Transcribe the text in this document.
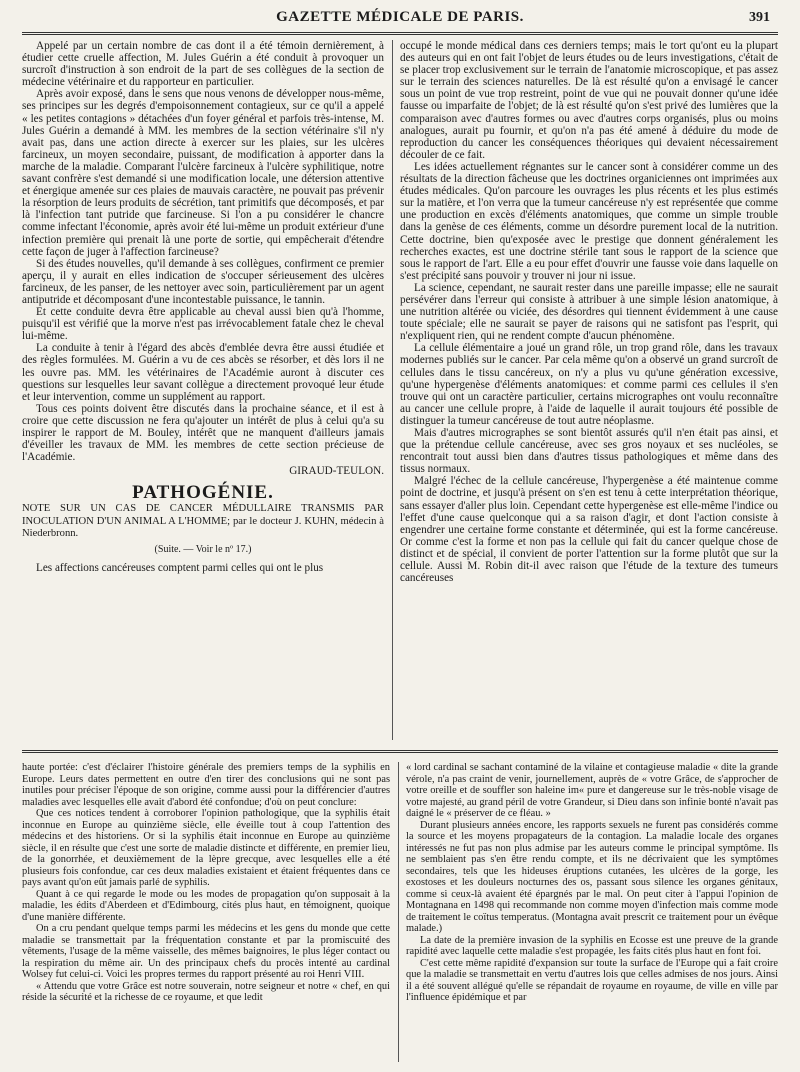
GAZETTE MÉDICALE DE PARIS.	391

Appelé par un certain nombre de cas dont il a été témoin dernièrement, à étudier cette cruelle affection, M. Jules Guérin a été conduit à provoquer un surcroît d'instruction à son endroit de la part de ses collègues de la section de médecine vétérinaire et du rapporteur en particulier.

Après avoir exposé, dans le sens que nous venons de développer nous-même, ses principes sur les degrés d'empoisonnement contagieux, sur ce qu'il a appelé « les petites contagions » détachées d'un foyer général et parfois très-intense, M. Jules Guérin a demandé à MM. les membres de la section vétérinaire s'il n'y avait pas, dans une action directe à exercer sur les plaies, sur les ulcères farcineux, un moyen secondaire, puissant, de modification à apporter dans la marche de la maladie. Comparant l'ulcère farcineux à l'ulcère syphilitique, notre savant confrère s'est demandé si une modification locale, une détersion attentive et énergique amenée sur ces plaies de mauvais caractère, ne pouvait pas prévenir la résorption de leurs produits de sécrétion, tant primitifs que décomposés, et par là l'infection tant putride que farcineuse. Si l'on a pu considérer le chancre comme infectant l'économie, après avoir été lui-même un produit extérieur d'une infection première qui prenait là une porte de sortie, qui empêcherait d'étendre cette façon de juger à l'affection farcineuse?

Si des études nouvelles, qu'il demande à ses collègues, confirment ce premier aperçu, il y aurait en elles indication de s'occuper sérieusement des ulcères farcineux, de les panser, de les nettoyer avec soin, particulièrement par un agent antiputride et décomposant d'une incontestable puissance, le tannin.

Et cette conduite devra être applicable au cheval aussi bien qu'à l'homme, puisqu'il est vérifié que la morve n'est pas irrévocablement fatale chez le cheval lui-même.

La conduite à tenir à l'égard des abcès d'emblée devra être aussi étudiée et des règles formulées. M. Guérin a vu de ces abcès se résorber, et dès lors il ne les ouvre pas. MM. les vétérinaires de l'Académie auront à discuter ces questions sur lesquelles leur savant collègue a directement provoqué leur étude et leur intervention, comme un supplément au rapport.

Tous ces points doivent être discutés dans la prochaine séance, et il est à croire que cette discussion ne fera qu'ajouter un intérêt de plus à celui qu'a su inspirer le rapport de M. Bouley, intérêt que ne manquent d'ailleurs jamais d'éveiller les travaux de MM. les membres de cette section précieuse de l'Académie.

GIRAUD-TEULON.
PATHOGÉNIE.

NOTE SUR UN CAS DE CANCER MÉDULLAIRE TRANSMIS PAR INOCULATION D'UN ANIMAL A L'HOMME; par le docteur J. KUHN, médecin à Niederbronn.

(Suite. — Voir le nº 17.)

Les affections cancéreuses comptent parmi celles qui ont le plus

occupé le monde médical dans ces derniers temps; mais le tort qu'ont eu la plupart des auteurs qui en ont fait l'objet de leurs études ou de leurs investigations, c'était de se placer trop exclusivement sur le terrain de l'anatomie microscopique, et pas assez sur le terrain des sciences naturelles. De là est résulté qu'on a envisagé le cancer sous un point de vue trop restreint, point de vue qui ne pouvait donner qu'une idée fausse ou imparfaite de l'objet; de là est résulté qu'on s'est privé des lumières que la comparaison avec d'autres formes ou avec d'autres corps organisés, plus ou moins analogues, aurait pu fournir, et qu'on n'a pas été amené à déduire du mode de reproduction du cancer les conséquences théoriques qui devaient nécessairement découler de ce fait.

Les idées actuellement régnantes sur le cancer sont à considérer comme un des résultats de la direction fâcheuse que les doctrines organiciennes ont imprimées aux études médicales. Qu'on parcoure les ouvrages les plus récents et les plus estimés sur la matière, et l'on verra que la tumeur cancéreuse n'y est représentée que comme une production en excès d'éléments anatomiques, que comme un simple trouble dans la genèse de ces éléments, comme un désordre purement local de la nutrition. Cette doctrine, bien qu'exposée avec le prestige que donnent généralement les recherches exactes, est une doctrine stérile tant sous le rapport de la science que sous le rapport de l'art. Elle a eu pour effet d'ouvrir une fausse voie dans laquelle on s'est précipité sans pouvoir y trouver ni jour ni issue.

La science, cependant, ne saurait rester dans une pareille impasse; elle ne saurait persévérer dans l'erreur qui consiste à attribuer à une simple lésion anatomique, à une nutrition altérée ou viciée, des désordres qui tiennent évidemment à une cause toute spéciale; elle ne saurait se payer de raisons qui ne satisfont pas l'esprit, qui n'expliquent rien, qui ne rendent compte d'aucun phénomène.

La cellule élémentaire a joué un grand rôle, un trop grand rôle, dans les travaux modernes publiés sur le cancer. Par cela même qu'on a observé un grand surcroît de cellules dans le tissu cancéreux, on n'y a plus vu qu'une génération excessive, qu'une hypergenèse d'éléments anatomiques: et comme parmi ces cellules il s'en trouve qui ont un caractère particulier, certains micrographes ont voulu reconnaître au cancer une cellule propre, à l'aide de laquelle il aurait toujours été possible de distinguer la tumeur cancéreuse de tout autre néoplasme.

Mais d'autres micrographes se sont bientôt assurés qu'il n'en était pas ainsi, et que la prétendue cellule cancéreuse, avec ses gros noyaux et ses nucléoles, se rencontrait tout aussi bien dans d'autres tissus pathologiques et même dans des tissus normaux.

Malgré l'échec de la cellule cancéreuse, l'hypergenèse a été maintenue comme point de doctrine, et jusqu'à présent on s'en est tenu à cette interprétation théorique, sans essayer d'aller plus loin. Cependant cette hypergenèse est elle-même l'indice ou l'effet d'une cause quelconque qui a sa raison d'agir, et dont l'action consiste à engendrer une certaine forme constante et déterminée, qui est la forme cancéreuse. Or comme c'est la forme et non pas la cellule qui fait du cancer quelque chose de distinct et de spécial, il convient de porter l'attention sur la forme plutôt que sur la cellule. Aussi M. Robin dit-il avec raison que l'étude de la texture des tumeurs cancéreuses

haute portée: c'est d'éclairer l'histoire générale des premiers temps de la syphilis en Europe. Leurs dates permettent en outre d'en tirer des conclusions qui ne sont pas inutiles pour préciser l'époque de son origine, comme aussi pour la différencier d'autres maladies avec lesquelles elle avait d'abord été confondue; d'où on peut conclure:

Que ces notices tendent à corroborer l'opinion pathologique, que la syphilis était inconnue en Europe au quinzième siècle, elle éveille tout à coup l'attention des médecins et des historiens. Or si la syphilis était inconnue en Europe au quinzième siècle, il en résulte que c'est une sorte de maladie distincte et différente, en premier lieu, de la gonorrhée, et deuxièmement de la lèpre grecque, avec lesquelles elle a été plusieurs fois confondue, car ces deux maladies existaient et étaient fréquentes dans ce pays avant qu'on eût jamais parlé de syphilis.

Quant à ce qui regarde le mode ou les modes de propagation qu'on supposait à la maladie, les édits d'Aberdeen et d'Edimbourg, cités plus haut, en témoignent, quoique d'une manière différente.

On a cru pendant quelque temps parmi les médecins et les gens du monde que cette maladie se transmettait par la fréquentation constante et par la promiscuité des vêtements, l'usage de la même vaisselle, des mêmes baignoires, le plus léger contact ou la respiration du même air. Un des principaux chefs du procès intenté au cardinal Wolsey fut celui-ci. Voici les propres termes du rapport présenté au roi Henri VIII.

« Attendu que votre Grâce est notre souverain, notre seigneur et notre « chef, en qui réside la sécurité et la richesse de ce royaume, et que ledit

« lord cardinal se sachant contaminé de la vilaine et contagieuse maladie « dite la grande vérole, n'a pas craint de venir, journellement, auprès de « votre Grâce, de s'approcher de votre oreille et de souffler son haleine im« pure et dangereuse sur le très-noble visage de votre majesté, au grand péril de votre Grandeur, si Dieu dans son infinie bonté n'avait pas daigné le « préserver de ce fléau. »

Durant plusieurs années encore, les rapports sexuels ne furent pas considérés comme la source et les moyens propagateurs de la contagion. La maladie locale des organes intéressés ne fut pas non plus admise par les auteurs comme le principal symptôme. Ils ne semblaient pas s'en être rendu compte, et ils ne décrivaient que les symptômes secondaires, tels que les hideuses éruptions cutanées, les ulcères de la gorge, les exostoses et les douleurs nocturnes des os, passant sous silence les organes génitaux, comme si ceux-là avaient été épargnés par le mal. On peut citer à l'appui l'opinion de Montagnana en 1498 qui recommande non comme moyen d'infection mais comme mode de traitement le coïtus temperatus. (Montagna avait prescrit ce traitement pour un évêque malade.)

La date de la première invasion de la syphilis en Ecosse est une preuve de la grande rapidité avec laquelle cette maladie s'est propagée, les faits cités plus haut en font foi.

C'est cette même rapidité d'expansion sur toute la surface de l'Europe qui a fait croire que la maladie se transmettait en vertu d'autres lois que celles admises de nos jours. Ainsi il a été souvent allégué qu'elle se répandait de royaume en royaume, de ville en ville par l'influence épidémique et par
